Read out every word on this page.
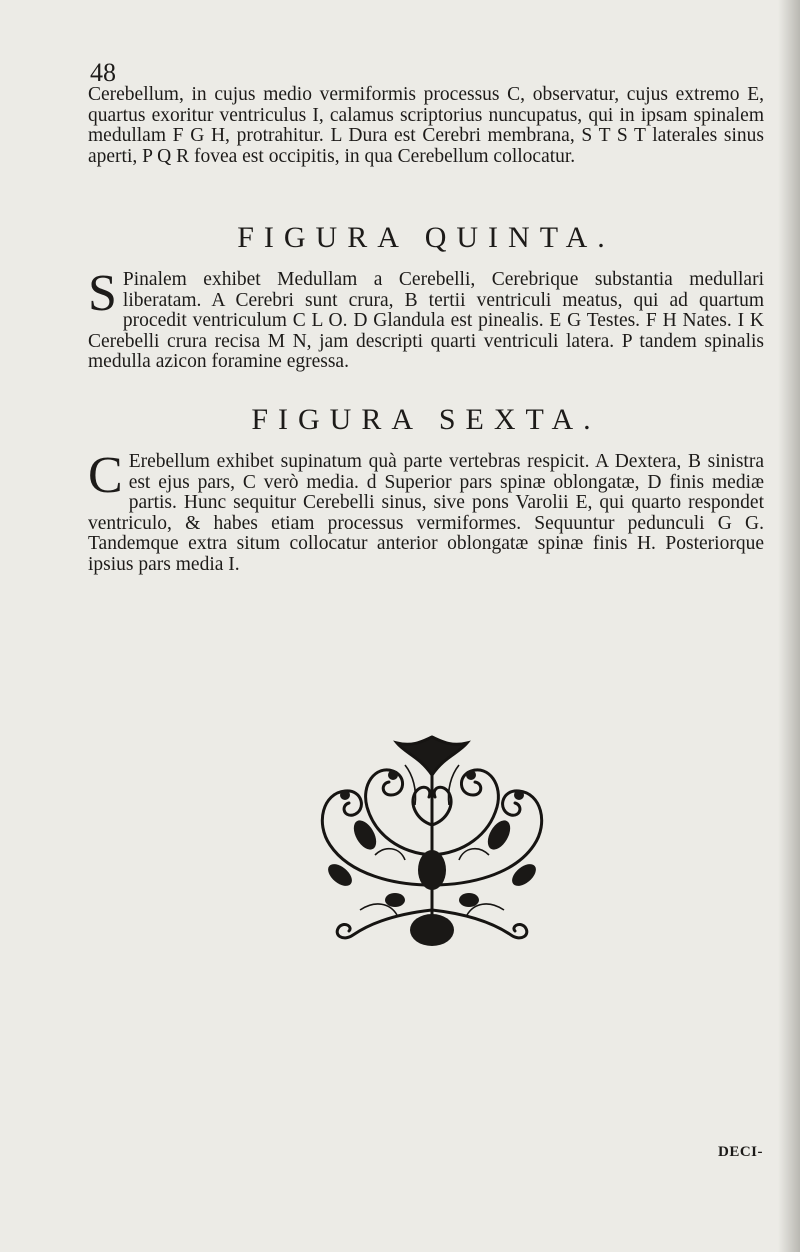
48
Cerebellum, in cujus medio vermiformis processus C, observatur, cujus extremo E, quartus exoritur ventriculus I, calamus scriptorius nuncupatus, qui in ipsam spinalem medullam F G H, protrahitur. L Dura est Cerebri membrana, S T S T laterales sinus aperti, P Q R fovea est occipitis, in qua Cerebellum collocatur.
FIGURA QUINTA.
S Pinalem exhibet Medullam a Cerebelli, Cerebrique substantia medullari liberatam. A Cerebri sunt crura, B tertii ventriculi meatus, qui ad quartum procedit ventriculum C L O. D Glandula est pinealis. E G Testes. F H Nates. I K Cerebelli crura recisa M N, jam descripti quarti ventriculi latera. P tandem spinalis medulla azicon foramine egressa.
FIGURA SEXTA.
C Erebellum exhibet supinatum quà parte vertebras respicit. A Dextera, B sinistra est ejus pars, C verò media. d Superior pars spinæ oblongatæ, D finis mediæ partis. Hunc sequitur Cerebelli sinus, sive pons Varolii E, qui quarto respondet ventriculo, & habes etiam processus vermiformes. Sequuntur pedunculi G G. Tandemque extra situm collocatur anterior oblongatæ spinæ finis H. Posteriorque ipsius pars media I.
DECI-
